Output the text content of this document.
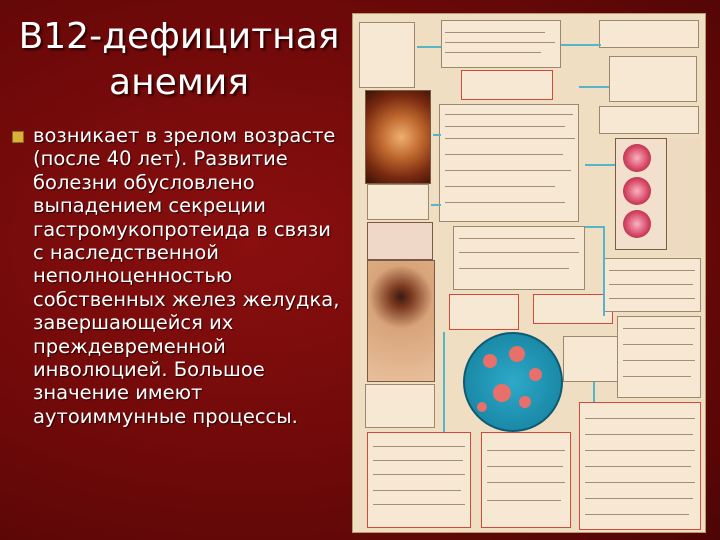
В12-дефицитная анемия
возникает в зрелом возрасте (после 40 лет). Развитие болезни обусловлено выпадением секреции гастромукопротеида в связи с наследственной неполноценностью собственных желез желудка, завершающейся их преждевременной инволюцией. Большое значение имеют аутоиммунные процессы.
